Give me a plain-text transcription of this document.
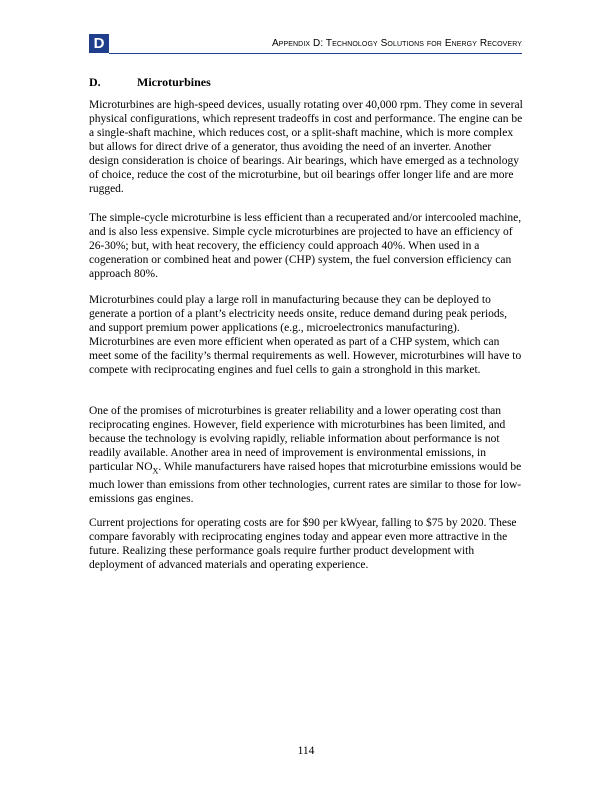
D	Appendix D: Technology Solutions for Energy Recovery
D.	Microturbines

Microturbines are high-speed devices, usually rotating over 40,000 rpm. They come in several physical configurations, which represent tradeoffs in cost and performance. The engine can be a single-shaft machine, which reduces cost, or a split-shaft machine, which is more complex but allows for direct drive of a generator, thus avoiding the need of an inverter. Another design consideration is choice of bearings. Air bearings, which have emerged as a technology of choice, reduce the cost of the microturbine, but oil bearings offer longer life and are more rugged.

The simple-cycle microturbine is less efficient than a recuperated and/or intercooled machine, and is also less expensive. Simple cycle microturbines are projected to have an efficiency of 26-30%; but, with heat recovery, the efficiency could approach 40%. When used in a cogeneration or combined heat and power (CHP) system, the fuel conversion efficiency can approach 80%.

Microturbines could play a large roll in manufacturing because they can be deployed to generate a portion of a plant’s electricity needs onsite, reduce demand during peak periods, and support premium power applications (e.g., microelectronics manufacturing). Microturbines are even more efficient when operated as part of a CHP system, which can meet some of the facility’s thermal requirements as well. However, microturbines will have to compete with reciprocating engines and fuel cells to gain a stronghold in this market.

One of the promises of microturbines is greater reliability and a lower operating cost than reciprocating engines. However, field experience with microturbines has been limited, and because the technology is evolving rapidly, reliable information about performance is not readily available. Another area in need of improvement is environmental emissions, in particular $NO_X$. While manufacturers have raised hopes that microturbine emissions would be much lower than emissions from other technologies, current rates are similar to those for low-emissions gas engines.

Current projections for operating costs are for $90 per kWyear, falling to $75 by 2020. These compare favorably with reciprocating engines today and appear even more attractive in the future. Realizing these performance goals require further product development with deployment of advanced materials and operating experience.

114
